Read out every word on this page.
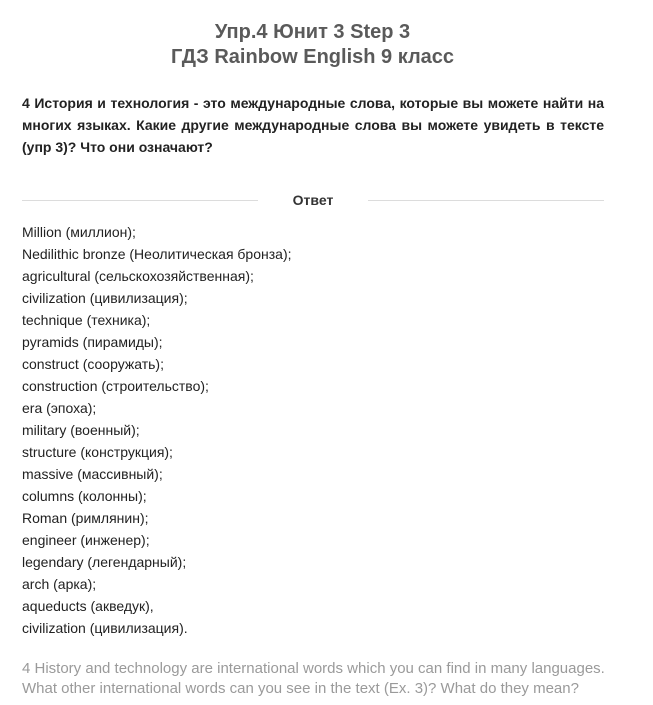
Упр.4 Юнит 3 Step 3
ГДЗ Rainbow English 9 класс

4 История и технология - это международные слова, которые вы можете найти на многих языках. Какие другие международные слова вы можете увидеть в тексте (упр 3)? Что они означают?

Ответ
Million (миллион);
Nedilithic bronze (Неолитическая бронза);
agricultural (сельскохозяйственная);
civilization (цивилизация);
technique (техника);
pyramids (пирамиды);
construct (сооружать);
construction (строительство);
era (эпоха);
military (военный);
structure (конструкция);
massive (массивный);
columns (колонны);
Roman (римлянин);
engineer (инженер);
legendary (легендарный);
arch (арка);
aqueducts (акведук),
civilization (цивилизация).

4 History and technology are international words which you can find in many languages. What other international words can you see in the text (Ex. 3)? What do they mean?
